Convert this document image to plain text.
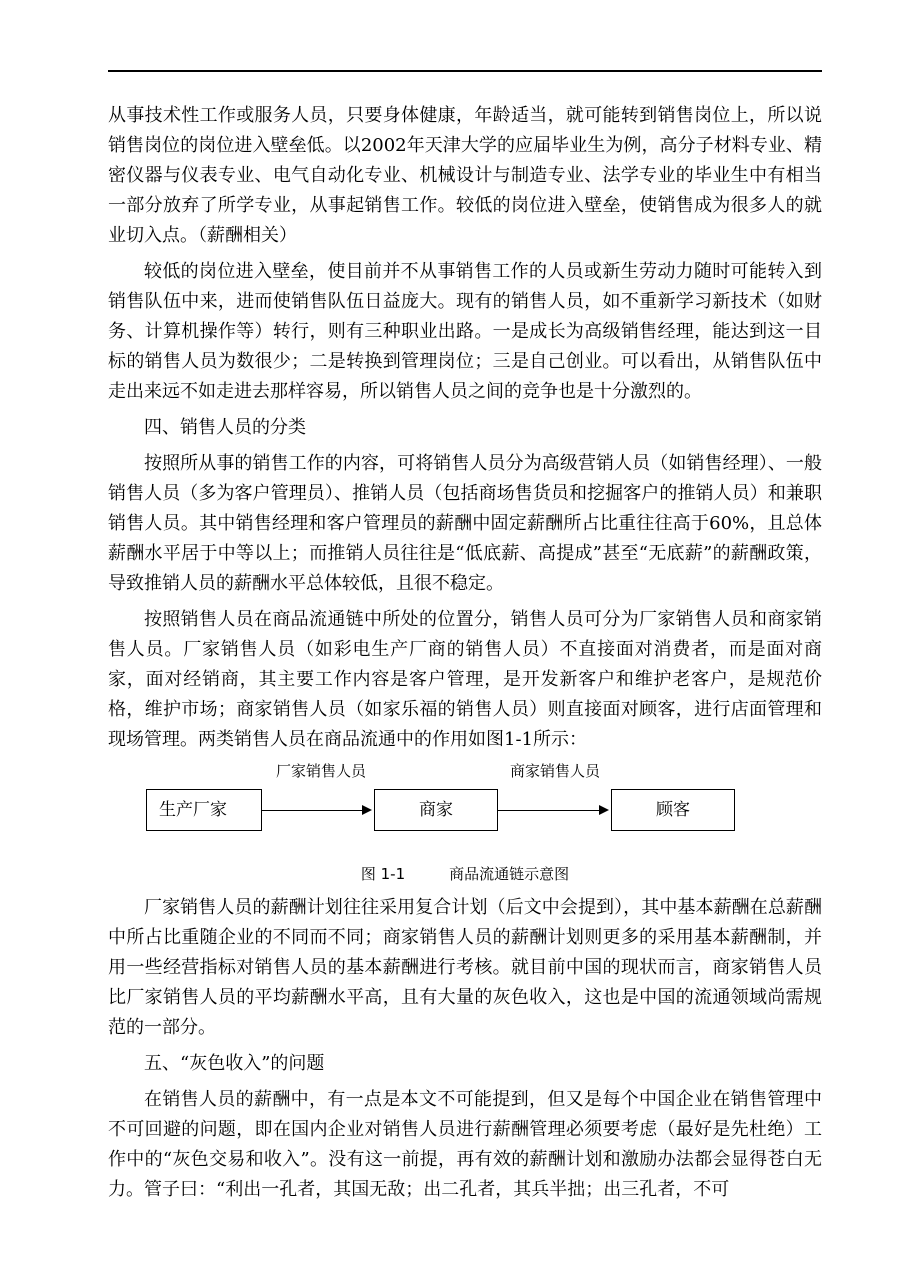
从事技术性工作或服务人员，只要身体健康，年龄适当，就可能转到销售岗位上，所以说销售岗位的岗位进入壁垒低。以2002年天津大学的应届毕业生为例，高分子材料专业、精密仪器与仪表专业、电气自动化专业、机械设计与制造专业、法学专业的毕业生中有相当一部分放弃了所学专业，从事起销售工作。较低的岗位进入壁垒，使销售成为很多人的就业切入点。（薪酬相关）

较低的岗位进入壁垒，使目前并不从事销售工作的人员或新生劳动力随时可能转入到销售队伍中来，进而使销售队伍日益庞大。现有的销售人员，如不重新学习新技术（如财务、计算机操作等）转行，则有三种职业出路。一是成长为高级销售经理，能达到这一目标的销售人员为数很少；二是转换到管理岗位；三是自己创业。可以看出，从销售队伍中走出来远不如走进去那样容易，所以销售人员之间的竞争也是十分激烈的。

四、销售人员的分类

按照所从事的销售工作的内容，可将销售人员分为高级营销人员（如销售经理）、一般销售人员（多为客户管理员）、推销人员（包括商场售货员和挖掘客户的推销人员）和兼职销售人员。其中销售经理和客户管理员的薪酬中固定薪酬所占比重往往高于60%，且总体薪酬水平居于中等以上；而推销人员往往是“低底薪、高提成”甚至“无底薪”的薪酬政策，导致推销人员的薪酬水平总体较低，且很不稳定。

按照销售人员在商品流通链中所处的位置分，销售人员可分为厂家销售人员和商家销售人员。厂家销售人员（如彩电生产厂商的销售人员）不直接面对消费者，而是面对商家，面对经销商，其主要工作内容是客户管理，是开发新客户和维护老客户，是规范价格，维护市场；商家销售人员（如家乐福的销售人员）则直接面对顾客，进行店面管理和现场管理。两类销售人员在商品流通中的作用如图1-1所示：

厂家销售人员	商家销售人员
生产厂家	商家	顾客

图 1-1	商品流通链示意图

厂家销售人员的薪酬计划往往采用复合计划（后文中会提到），其中基本薪酬在总薪酬中所占比重随企业的不同而不同；商家销售人员的薪酬计划则更多的采用基本薪酬制，并用一些经营指标对销售人员的基本薪酬进行考核。就目前中国的现状而言，商家销售人员比厂家销售人员的平均薪酬水平高，且有大量的灰色收入，这也是中国的流通领域尚需规范的一部分。

五、“灰色收入”的问题

在销售人员的薪酬中，有一点是本文不可能提到，但又是每个中国企业在销售管理中不可回避的问题，即在国内企业对销售人员进行薪酬管理必须要考虑（最好是先杜绝）工作中的“灰色交易和收入”。没有这一前提，再有效的薪酬计划和激励办法都会显得苍白无力。管子曰：“利出一孔者，其国无敌；出二孔者，其兵半拙；出三孔者，不可
